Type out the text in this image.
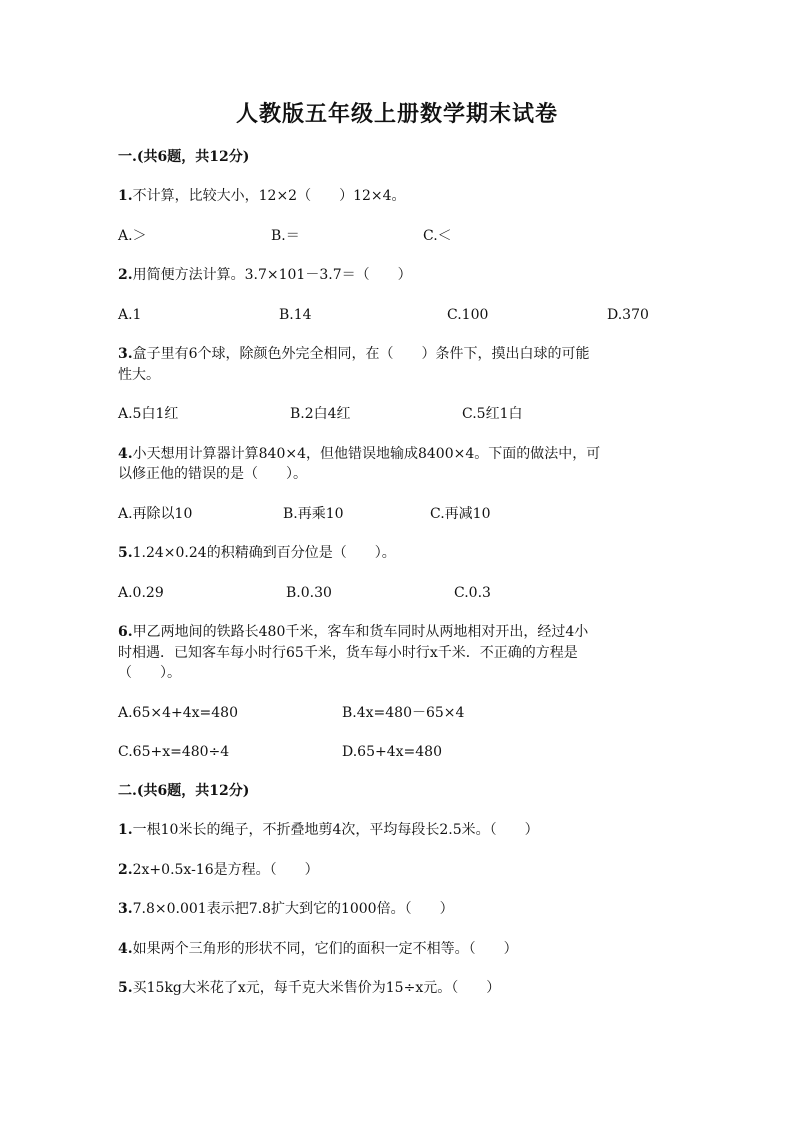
人教版五年级上册数学期末试卷
一.(共6题，共12分)
1.不计算，比较大小，12×2（　　）12×4。
A.＞	B.＝	C.＜
2.用简便方法计算。3.7×101－3.7＝（　　）
A.1	B.14	C.100	D.370
3.盒子里有6个球，除颜色外完全相同，在（　　）条件下，摸出白球的可能
性大。
A.5白1红	B.2白4红	C.5红1白
4.小天想用计算器计算840×4，但他错误地输成8400×4。下面的做法中，可
以修正他的错误的是（　　）。
A.再除以10	B.再乘10	C.再减10
5.1.24×0.24的积精确到百分位是（　　）。
A.0.29	B.0.30	C.0.3
6.甲乙两地间的铁路长480千米，客车和货车同时从两地相对开出，经过4小
时相遇．已知客车每小时行65千米，货车每小时行x千米．不正确的方程是
（　　）。
A.65×4+4x=480	B.4x=480－65×4
C.65+x=480÷4	D.65+4x=480
二.(共6题，共12分)
1.一根10米长的绳子，不折叠地剪4次，平均每段长2.5米。（　　）
2.2x+0.5x-16是方程。（　　）
3.7.8×0.001表示把7.8扩大到它的1000倍。（　　）
4.如果两个三角形的形状不同，它们的面积一定不相等。（　　）
5.买15kg大米花了x元，每千克大米售价为15÷x元。（　　）
